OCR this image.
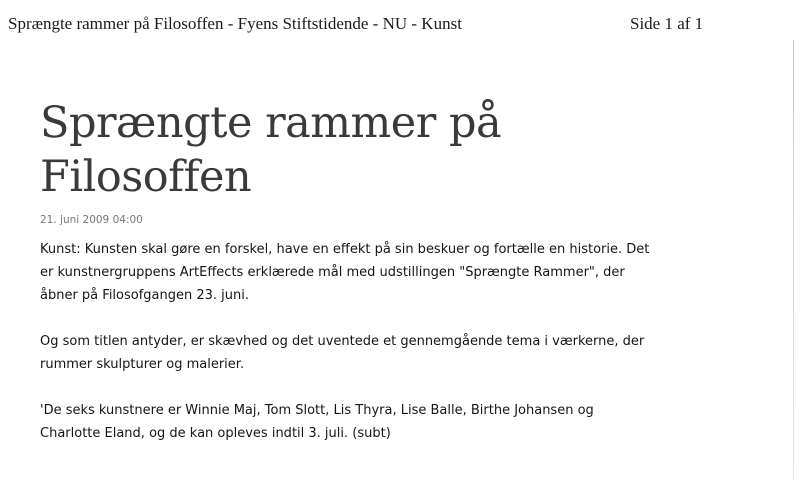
Sprængte rammer på Filosoffen - Fyens Stiftstidende - NU - Kunst	Side 1 af 1
Sprængte rammer på
Filosoffen
21. juni 2009 04:00

Kunst: Kunsten skal gøre en forskel, have en effekt på sin beskuer og fortælle en historie. Det
er kunstnergruppens ArtEffects erklærede mål med udstillingen "Sprængte Rammer", der
åbner på Filosofgangen 23. juni.

Og som titlen antyder, er skævhed og det uventede et gennemgående tema i værkerne, der
rummer skulpturer og malerier.

'De seks kunstnere er Winnie Maj, Tom Slott, Lis Thyra, Lise Balle, Birthe Johansen og
Charlotte Eland, og de kan opleves indtil 3. juli. (subt)
